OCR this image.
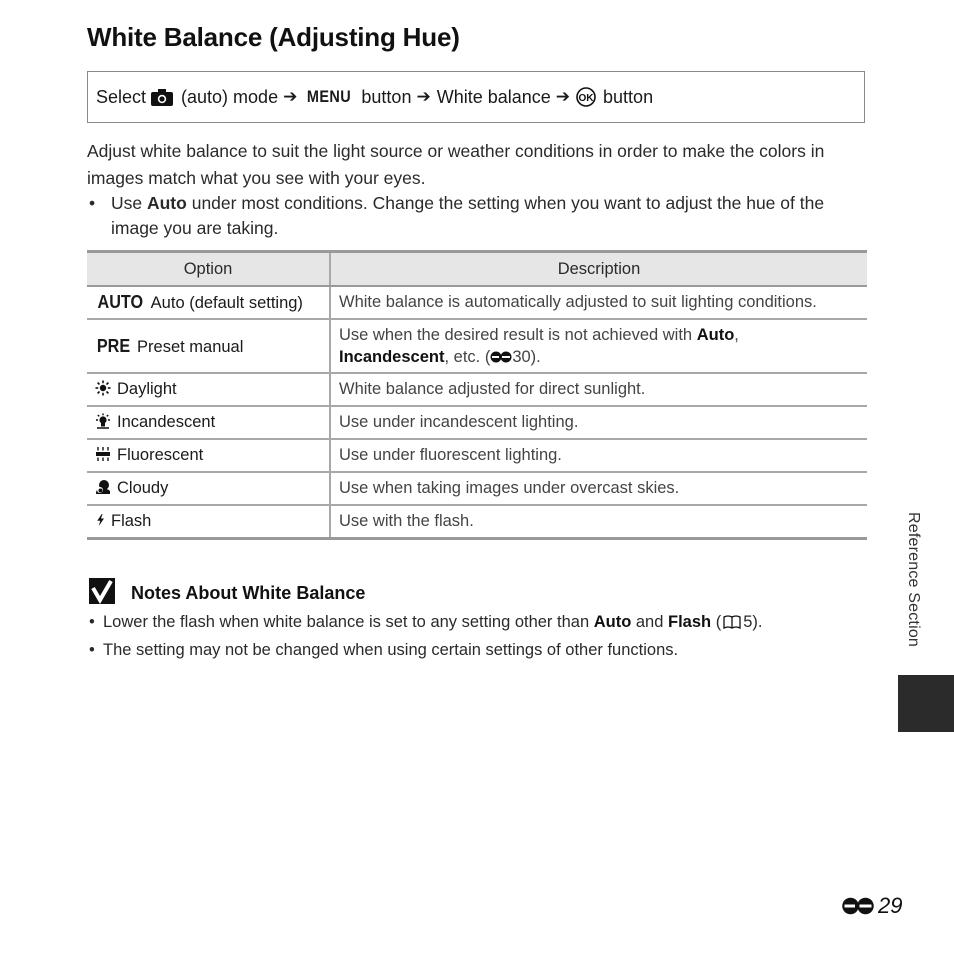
White Balance (Adjusting Hue)
Select (auto) mode ➔ MENU button ➔ White balance ➔ OK button
Adjust white balance to suit the light source or weather conditions in order to make the colors in images match what you see with your eyes.
• Use Auto under most conditions. Change the setting when you want to adjust the hue of the image you are taking.
Option	Description
AUTO Auto (default setting)	White balance is automatically adjusted to suit lighting conditions.
PRE Preset manual	Use when the desired result is not achieved with Auto,
Incandescent, etc. ( 30).
Daylight	White balance adjusted for direct sunlight.
Incandescent	Use under incandescent lighting.
Fluorescent	Use under fluorescent lighting.
Cloudy	Use when taking images under overcast skies.
Flash	Use with the flash.
Notes About White Balance
• Lower the flash when white balance is set to any setting other than Auto and Flash ( 5).
• The setting may not be changed when using certain settings of other functions.
Reference Section
29
